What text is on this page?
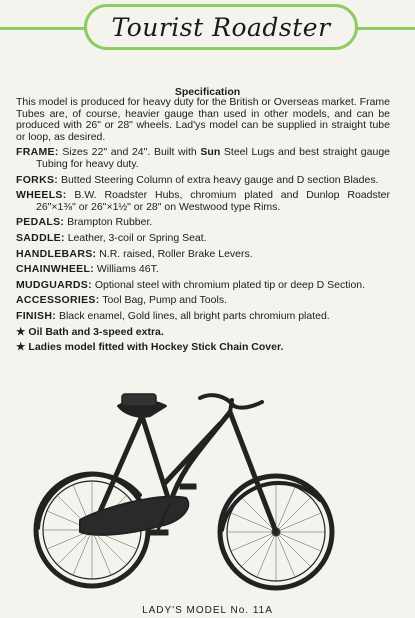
Tourist Roadster
Specification

This model is produced for heavy duty for the British or Overseas market. Frame Tubes are, of course, heavier gauge than used in other models, and can be produced with 26" or 28" wheels. Lad'ys model can be supplied in straight tube or loop, as desired.

FRAME: Sizes 22" and 24". Built with Sun Steel Lugs and best straight gauge Tubing for heavy duty.

FORKS: Butted Steering Column of extra heavy gauge and D section Blades.

WHEELS: B.W. Roadster Hubs, chromium plated and Dunlop Roadster 26"×1⅜" or 26"×1½" or 28" on Westwood type Rims.

PEDALS: Brampton Rubber.

SADDLE: Leather, 3-coil or Spring Seat.

HANDLEBARS: N.R. raised, Roller Brake Levers.

CHAINWHEEL: Williams 46T.

MUDGUARDS: Optional steel with chromium plated tip or deep D Section.

ACCESSORIES: Tool Bag, Pump and Tools.

FINISH: Black enamel, Gold lines, all bright parts chromium plated.

★ Oil Bath and 3-speed extra.

★ Ladies model fitted with Hockey Stick Chain Cover.

LADY'S MODEL No. 11A
